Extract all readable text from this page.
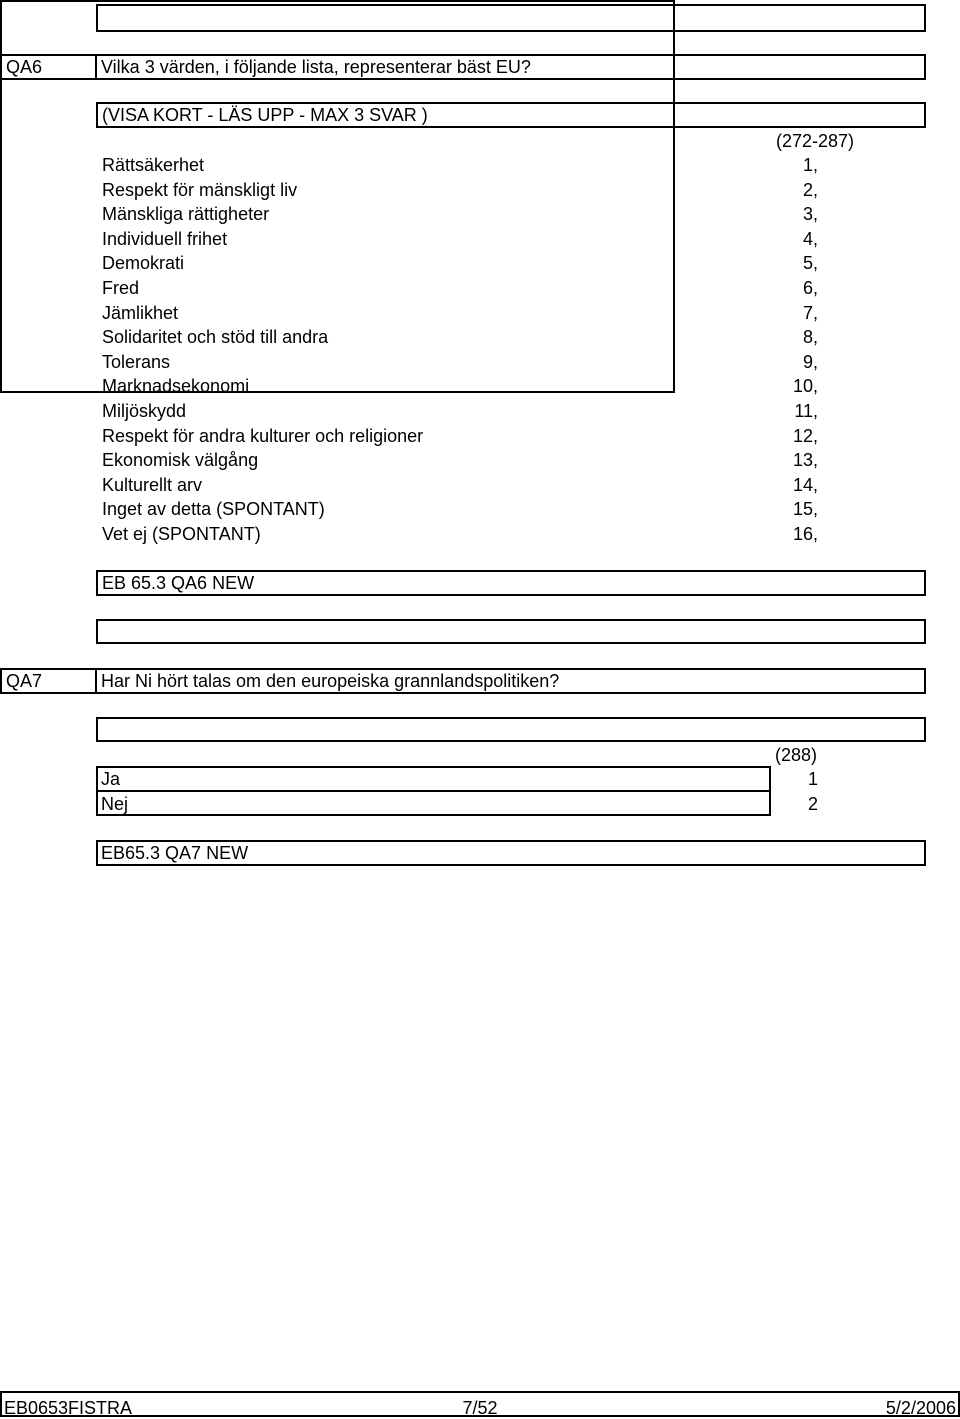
QA6	Vilka 3 värden, i följande lista, representerar bäst EU?
(VISA KORT - LÄS UPP - MAX 3 SVAR )
(272-287)
Rättsäkerhet	1,
Respekt för mänskligt liv	2,
Mänskliga rättigheter	3,
Individuell frihet	4,
Demokrati	5,
Fred	6,
Jämlikhet	7,
Solidaritet och stöd till andra	8,
Tolerans	9,
Marknadsekonomi	10,
Miljöskydd	11,
Respekt för andra kulturer och religioner	12,
Ekonomisk välgång	13,
Kulturellt arv	14,
Inget av detta (SPONTANT)	15,
Vet ej (SPONTANT)	16,
EB 65.3 QA6 NEW
QA7	Har Ni hört talas om den europeiska grannlandspolitiken?
(288)
Ja	1
Nej	2
EB65.3 QA7 NEW
EB0653FISTRA	7/52	5/2/2006
